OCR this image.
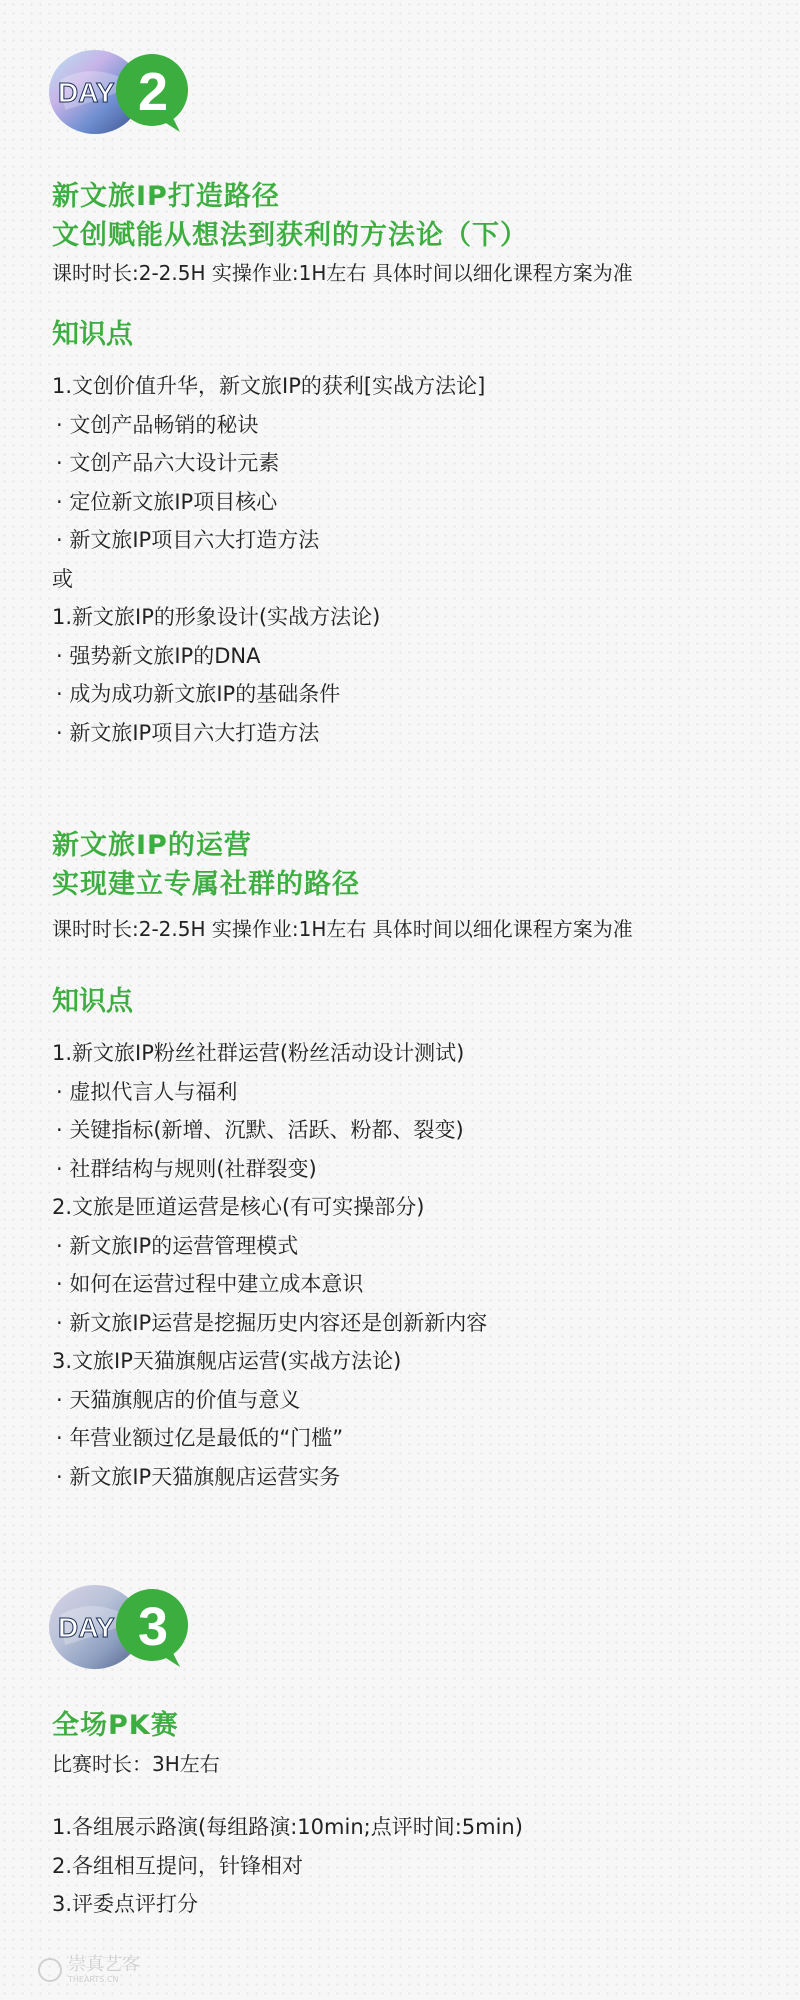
DAY 2
新文旅IP打造路径
文创赋能从想法到获利的方法论（下）
课时时长:2-2.5H 实操作业:1H左右 具体时间以细化课程方案为准
知识点
1.文创价值升华，新文旅IP的获利[实战方法论]
· 文创产品畅销的秘诀
· 文创产品六大设计元素
· 定位新文旅IP项目核心
· 新文旅IP项目六大打造方法
或
1.新文旅IP的形象设计(实战方法论)
· 强势新文旅IP的DNA
· 成为成功新文旅IP的基础条件
· 新文旅IP项目六大打造方法
新文旅IP的运营
实现建立专属社群的路径
课时时长:2-2.5H 实操作业:1H左右 具体时间以细化课程方案为准
知识点
1.新文旅IP粉丝社群运营(粉丝活动设计测试)
· 虚拟代言人与福利
· 关键指标(新增、沉默、活跃、粉都、裂变)
· 社群结构与规则(社群裂变)
2.文旅是匝道运营是核心(有可实操部分)
· 新文旅IP的运营管理模式
· 如何在运营过程中建立成本意识
· 新文旅IP运营是挖掘历史内容还是创新新内容
3.文旅IP天猫旗舰店运营(实战方法论)
· 天猫旗舰店的价值与意义
· 年营业额过亿是最低的“门槛”
· 新文旅IP天猫旗舰店运营实务
DAY 3
全场PK赛
比赛时长：3H左右
1.各组展示路演(每组路演:10min;点评时间:5min)
2.各组相互提问，针锋相对
3.评委点评打分
崇真艺客
THEARTS.CN
